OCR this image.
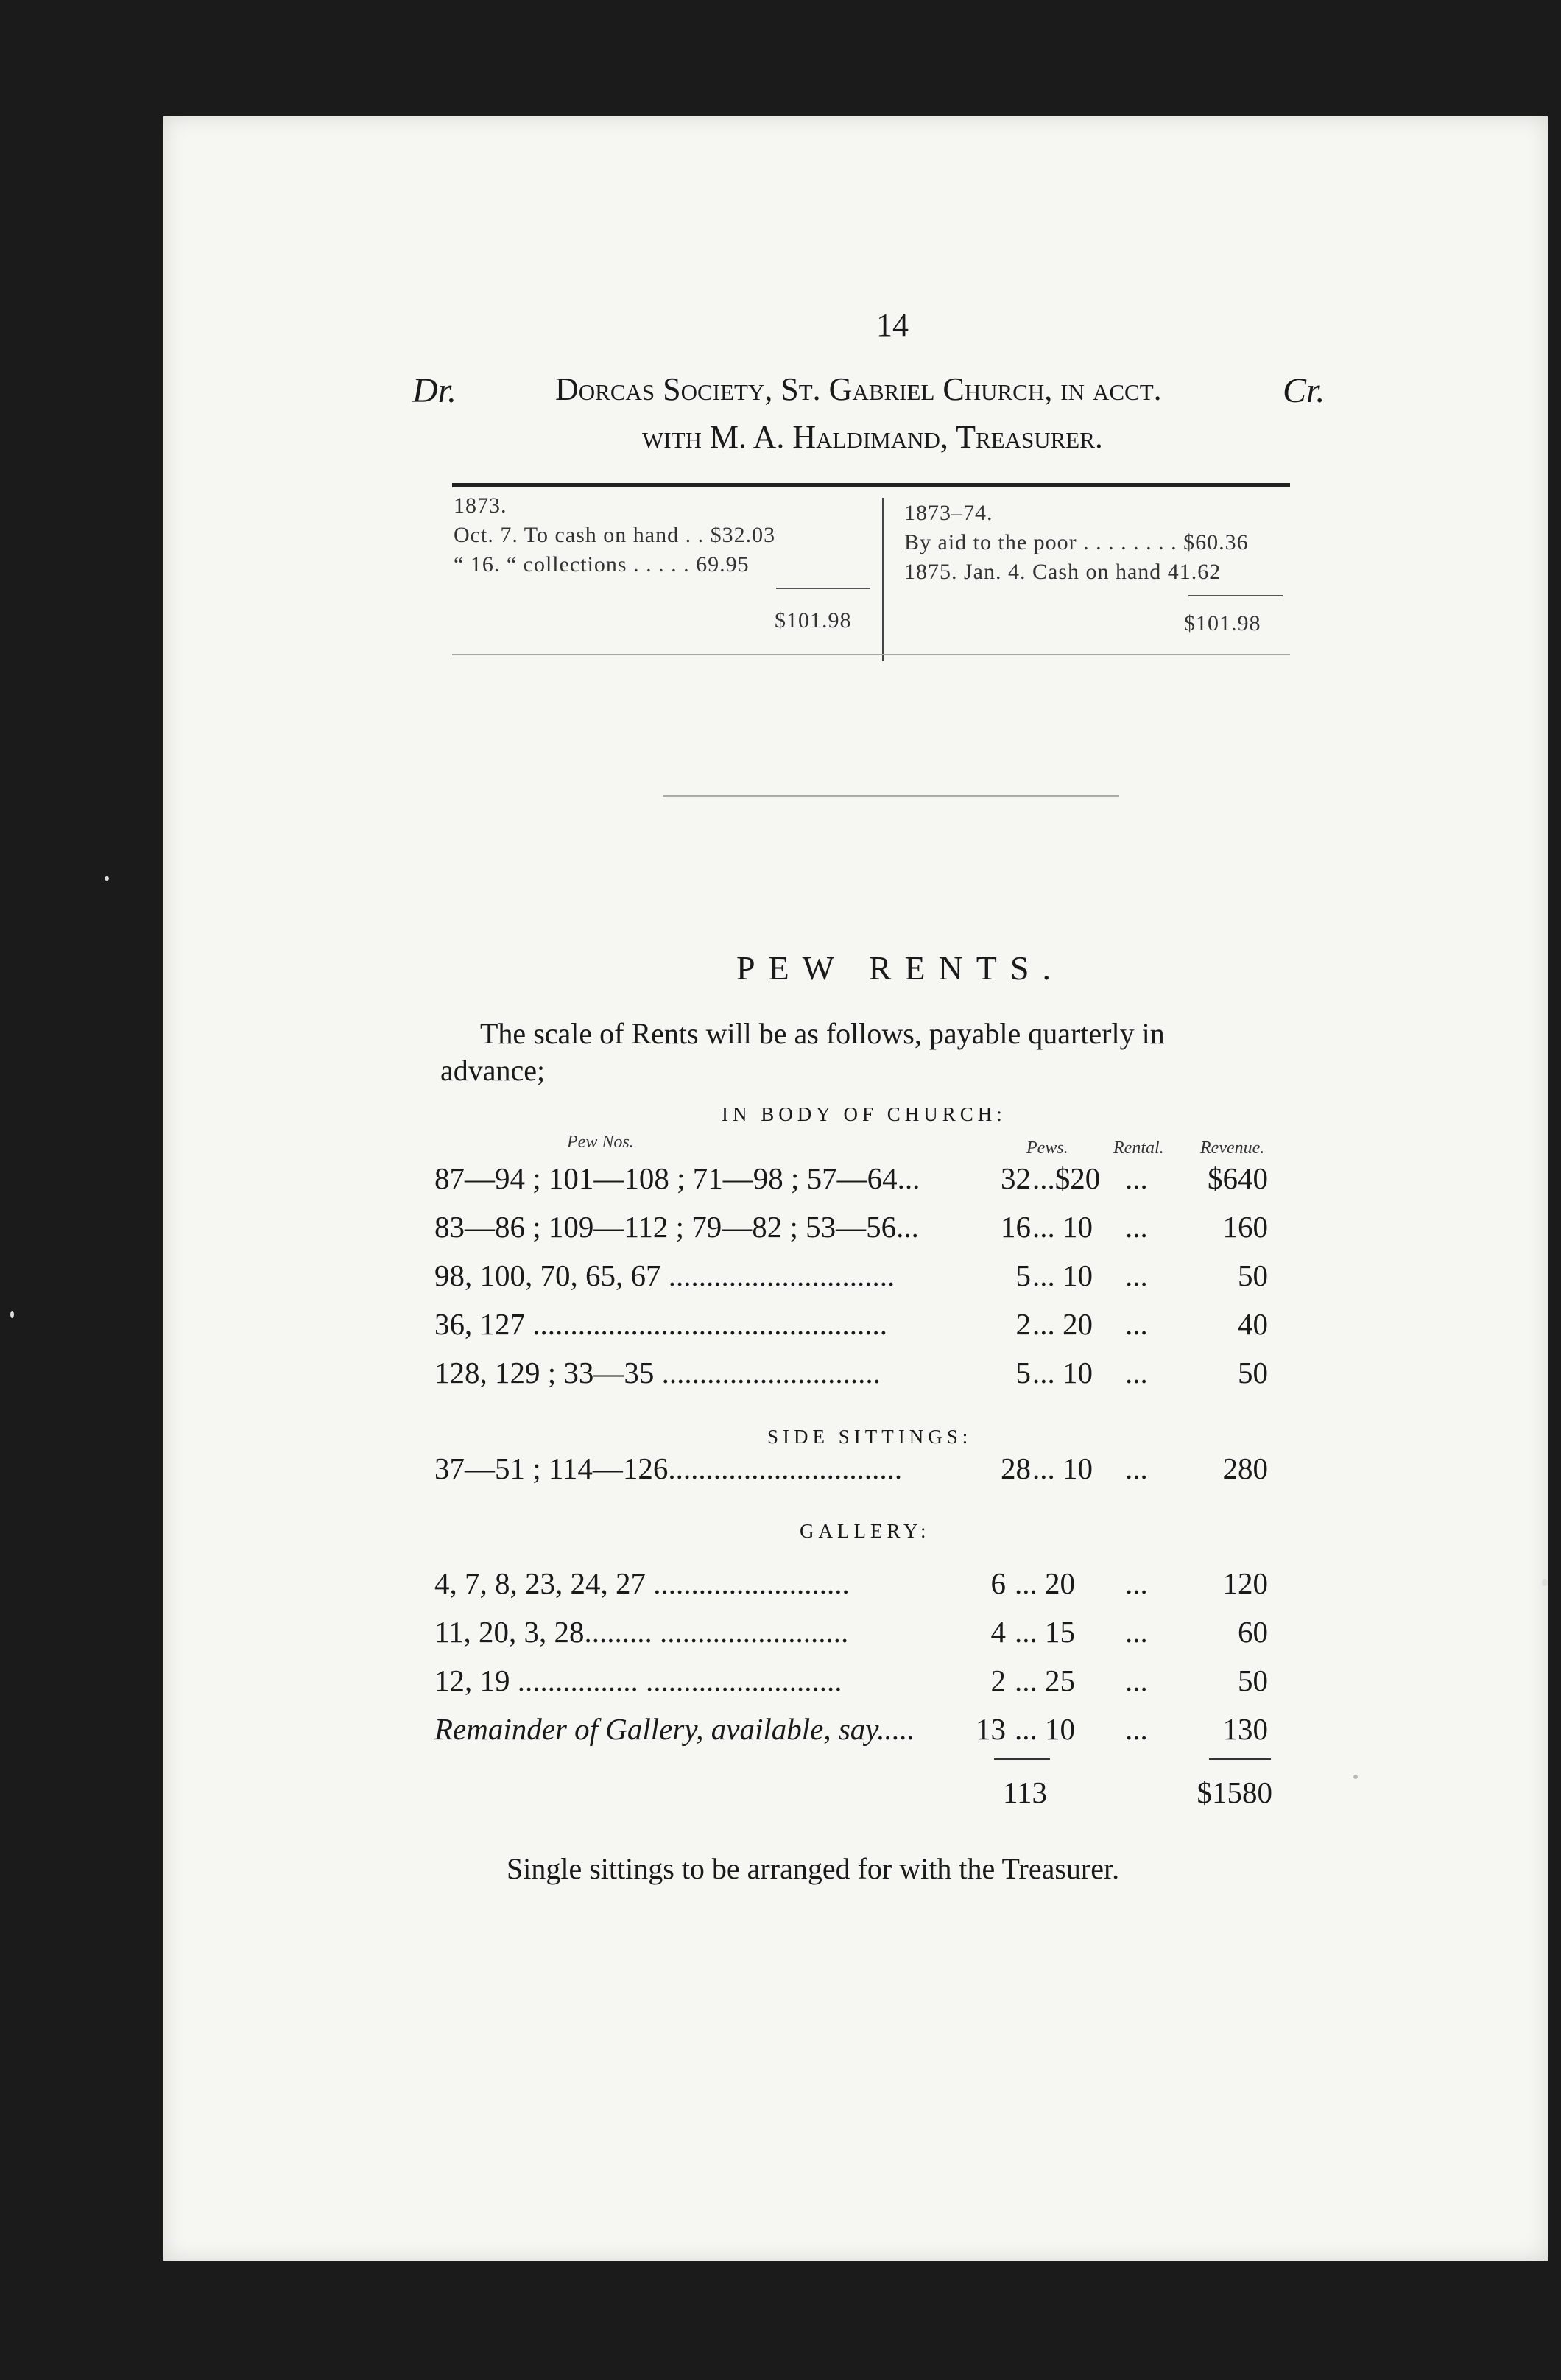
14
Dr.	Dorcas Society, St. Gabriel Church, in acct.	Cr.
with M. A. Haldimand, Treasurer.
1873.
Oct. 7. To cash on hand . . $32.03
“ 16. “ collections . . . . . 69.95
$101.98
1873–74.
By aid to the poor . . . . . . . . $60.36
1875. Jan. 4. Cash on hand 41.62
$101.98
PEW RENTS.
The scale of Rents will be as follows, payable quarterly in
advance;
IN BODY OF CHURCH:
Pew Nos.	Pews.	Rental. Revenue.
87—94 ; 101—108 ; 71—98 ; 57—64...	32 ...$20 ...	$640
83—86 ; 109—112 ; 79—82 ; 53—56...	16 ... 10 ...	160
98, 100, 70, 65, 67 ..............................	5 ... 10 ...	50
36, 127 ...............................................	2 ... 20 ...	40
128, 129 ; 33—35 .............................	5 ... 10 ...	50
SIDE SITTINGS:
37—51 ; 114—126...............................	28 ... 10 ...	280
GALLERY:
4, 7, 8, 23, 24, 27 ..........................	6 ... 20 ...	120
11, 20, 3, 28......... .........................	4 ... 15 ...	60
12, 19 ................ ..........................	2 ... 25 ...	50
Remainder of Gallery, available, say.....	13 ... 10 ...	130
113	$1580
Single sittings to be arranged for with the Treasurer.
